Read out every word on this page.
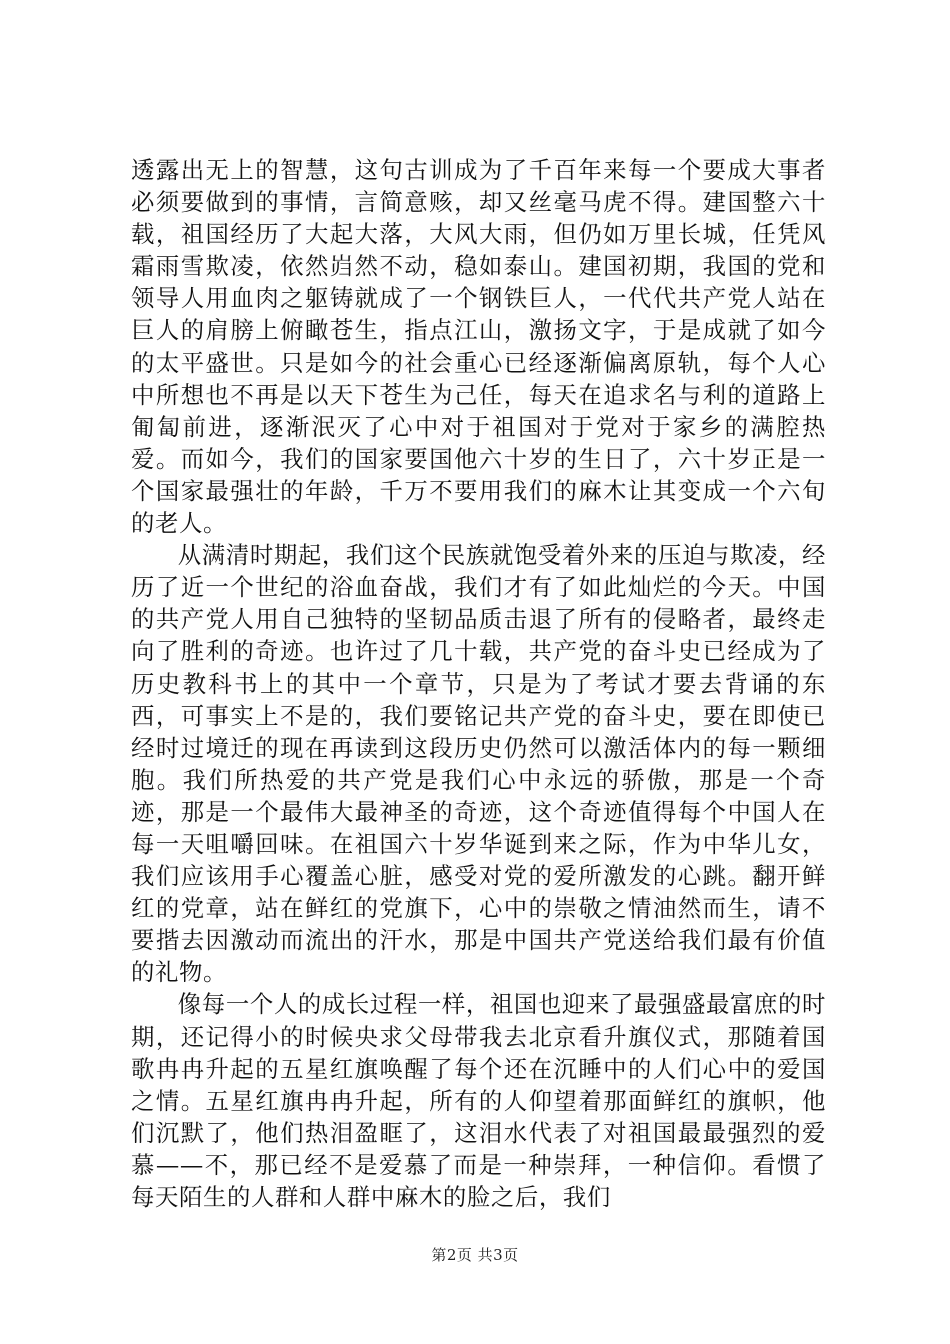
透露出无上的智慧，这句古训成为了千百年来每一个要成大事者必须要做到的事情，言简意赅，却又丝毫马虎不得。建国整六十载，祖国经历了大起大落，大风大雨，但仍如万里长城，任凭风霜雨雪欺凌，依然岿然不动，稳如泰山。建国初期，我国的党和领导人用血肉之躯铸就成了一个钢铁巨人，一代代共产党人站在巨人的肩膀上俯瞰苍生，指点江山，激扬文字，于是成就了如今的太平盛世。只是如今的社会重心已经逐渐偏离原轨，每个人心中所想也不再是以天下苍生为己任，每天在追求名与利的道路上匍匐前进，逐渐泯灭了心中对于祖国对于党对于家乡的满腔热爱。而如今，我们的国家要国他六十岁的生日了，六十岁正是一个国家最强壮的年龄，千万不要用我们的麻木让其变成一个六旬的老人。

从满清时期起，我们这个民族就饱受着外来的压迫与欺凌，经历了近一个世纪的浴血奋战，我们才有了如此灿烂的今天。中国的共产党人用自己独特的坚韧品质击退了所有的侵略者，最终走向了胜利的奇迹。也许过了几十载，共产党的奋斗史已经成为了历史教科书上的其中一个章节，只是为了考试才要去背诵的东西，可事实上不是的，我们要铭记共产党的奋斗史，要在即使已经时过境迁的现在再读到这段历史仍然可以激活体内的每一颗细胞。我们所热爱的共产党是我们心中永远的骄傲，那是一个奇迹，那是一个最伟大最神圣的奇迹，这个奇迹值得每个中国人在每一天咀嚼回味。在祖国六十岁华诞到来之际，作为中华儿女，我们应该用手心覆盖心脏，感受对党的爱所激发的心跳。翻开鲜红的党章，站在鲜红的党旗下，心中的崇敬之情油然而生，请不要揩去因激动而流出的汗水，那是中国共产党送给我们最有价值的礼物。

像每一个人的成长过程一样，祖国也迎来了最强盛最富庶的时期，还记得小的时候央求父母带我去北京看升旗仪式，那随着国歌冉冉升起的五星红旗唤醒了每个还在沉睡中的人们心中的爱国之情。五星红旗冉冉升起，所有的人仰望着那面鲜红的旗帜，他们沉默了，他们热泪盈眶了，这泪水代表了对祖国最最强烈的爱慕——不，那已经不是爱慕了而是一种崇拜，一种信仰。看惯了每天陌生的人群和人群中麻木的脸之后，我们

第2页 共3页
